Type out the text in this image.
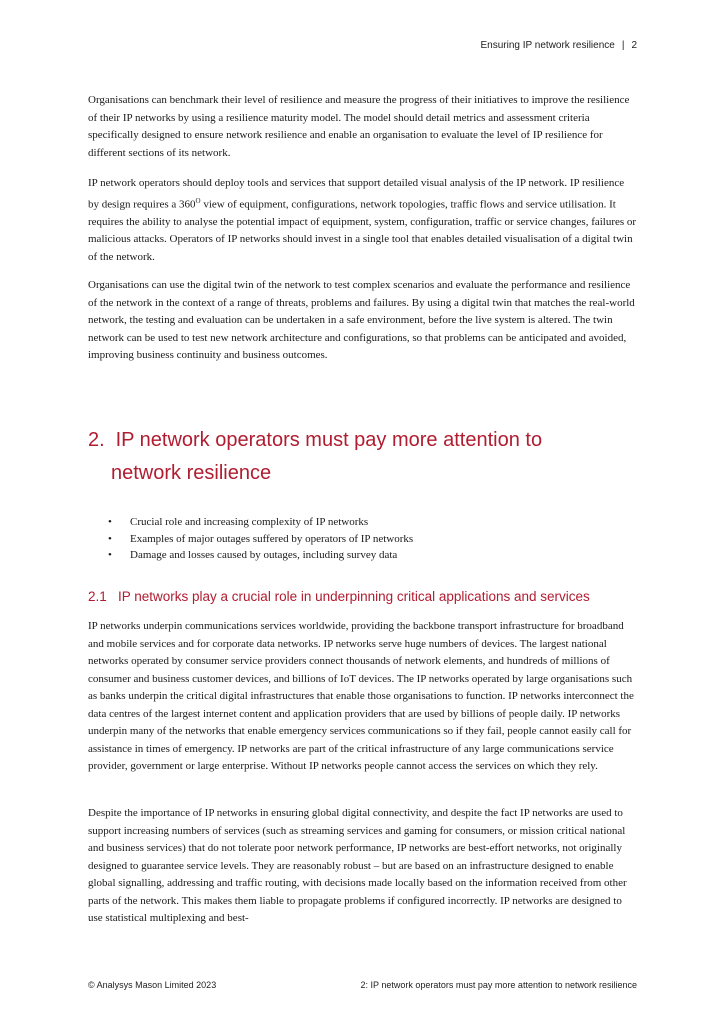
Ensuring IP network resilience | 2

Organisations can benchmark their level of resilience and measure the progress of their initiatives to improve the resilience of their IP networks by using a resilience maturity model. The model should detail metrics and assessment criteria specifically designed to ensure network resilience and enable an organisation to evaluate the level of IP resilience for different sections of its network.

IP network operators should deploy tools and services that support detailed visual analysis of the IP network. IP resilience by design requires a $360^O$ view of equipment, configurations, network topologies, traffic flows and service utilisation. It requires the ability to analyse the potential impact of equipment, system, configuration, traffic or service changes, failures or malicious attacks. Operators of IP networks should invest in a single tool that enables detailed visualisation of a digital twin of the network.

Organisations can use the digital twin of the network to test complex scenarios and evaluate the performance and resilience of the network in the context of a range of threats, problems and failures. By using a digital twin that matches the real-world network, the testing and evaluation can be undertaken in a safe environment, before the live system is altered. The twin network can be used to test new network architecture and configurations, so that problems can be anticipated and avoided, improving business continuity and business outcomes.

2. IP network operators must pay more attention to
network resilience
• Crucial role and increasing complexity of IP networks
• Examples of major outages suffered by operators of IP networks
• Damage and losses caused by outages, including survey data
2.1 IP networks play a crucial role in underpinning critical applications and services

IP networks underpin communications services worldwide, providing the backbone transport infrastructure for broadband and mobile services and for corporate data networks. IP networks serve huge numbers of devices. The largest national networks operated by consumer service providers connect thousands of network elements, and hundreds of millions of consumer and business customer devices, and billions of IoT devices. The IP networks operated by large organisations such as banks underpin the critical digital infrastructures that enable those organisations to function. IP networks interconnect the data centres of the largest internet content and application providers that are used by billions of people daily. IP networks underpin many of the networks that enable emergency services communications so if they fail, people cannot easily call for assistance in times of emergency. IP networks are part of the critical infrastructure of any large communications service provider, government or large enterprise. Without IP networks people cannot access the services on which they rely.

Despite the importance of IP networks in ensuring global digital connectivity, and despite the fact IP networks are used to support increasing numbers of services (such as streaming services and gaming for consumers, or mission critical national and business services) that do not tolerate poor network performance, IP networks are best-effort networks, not originally designed to guarantee service levels. They are reasonably robust – but are based on an infrastructure designed to enable global signalling, addressing and traffic routing, with decisions made locally based on the information received from other parts of the network. This makes them liable to propagate problems if configured incorrectly. IP networks are designed to use statistical multiplexing and best-

© Analysys Mason Limited 2023	2: IP network operators must pay more attention to network resilience
